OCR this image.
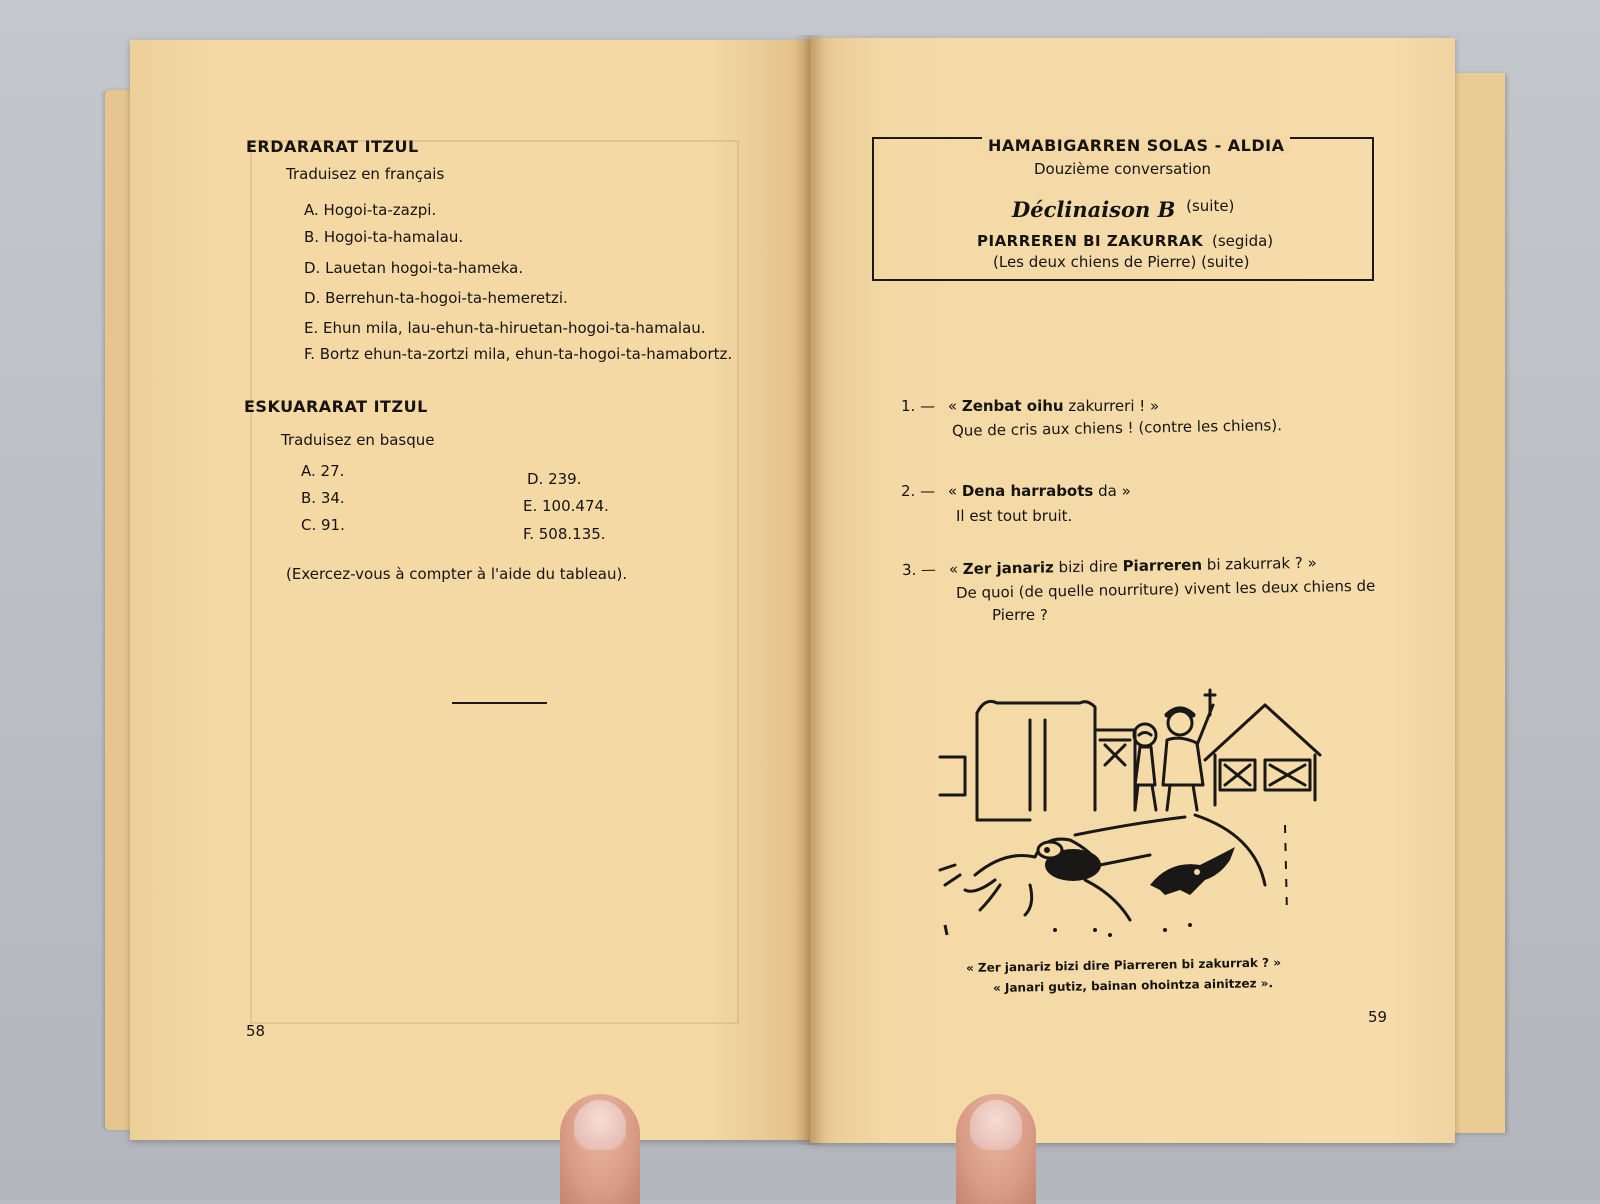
ERDARARAT ITZUL
Traduisez en français
A. Hogoi-ta-zazpi.
B. Hogoi-ta-hamalau.
D. Lauetan hogoi-ta-hameka.
D. Berrehun-ta-hogoi-ta-hemeretzi.
E. Ehun mila, lau-ehun-ta-hiruetan-hogoi-ta-hamalau.
F. Bortz ehun-ta-zortzi mila, ehun-ta-hogoi-ta-hamabortz.
ESKUARARAT ITZUL
Traduisez en basque
A. 27.
B. 34.
C. 91.
D. 239.
E. 100.474.
F. 508.135.
(Exercez-vous à compter à l'aide du tableau).
58
HAMABIGARREN SOLAS - ALDIA
Douzième conversation
Déclinaison B (suite)
PIARREREN BI ZAKURRAK (segida)
(Les deux chiens de Pierre) (suite)
1. — « Zenbat oihu zakurreri ! »
Que de cris aux chiens ! (contre les chiens).
2. — « Dena harrabots da »
Il est tout bruit.
3. — « Zer janariz bizi dire Piarreren bi zakurrak ? »
De quoi (de quelle nourriture) vivent les deux chiens de
Pierre ?
« Zer janariz bizi dire Piarreren bi zakurrak ? »
« Janari gutiz, bainan ohointza ainitzez ».
59
